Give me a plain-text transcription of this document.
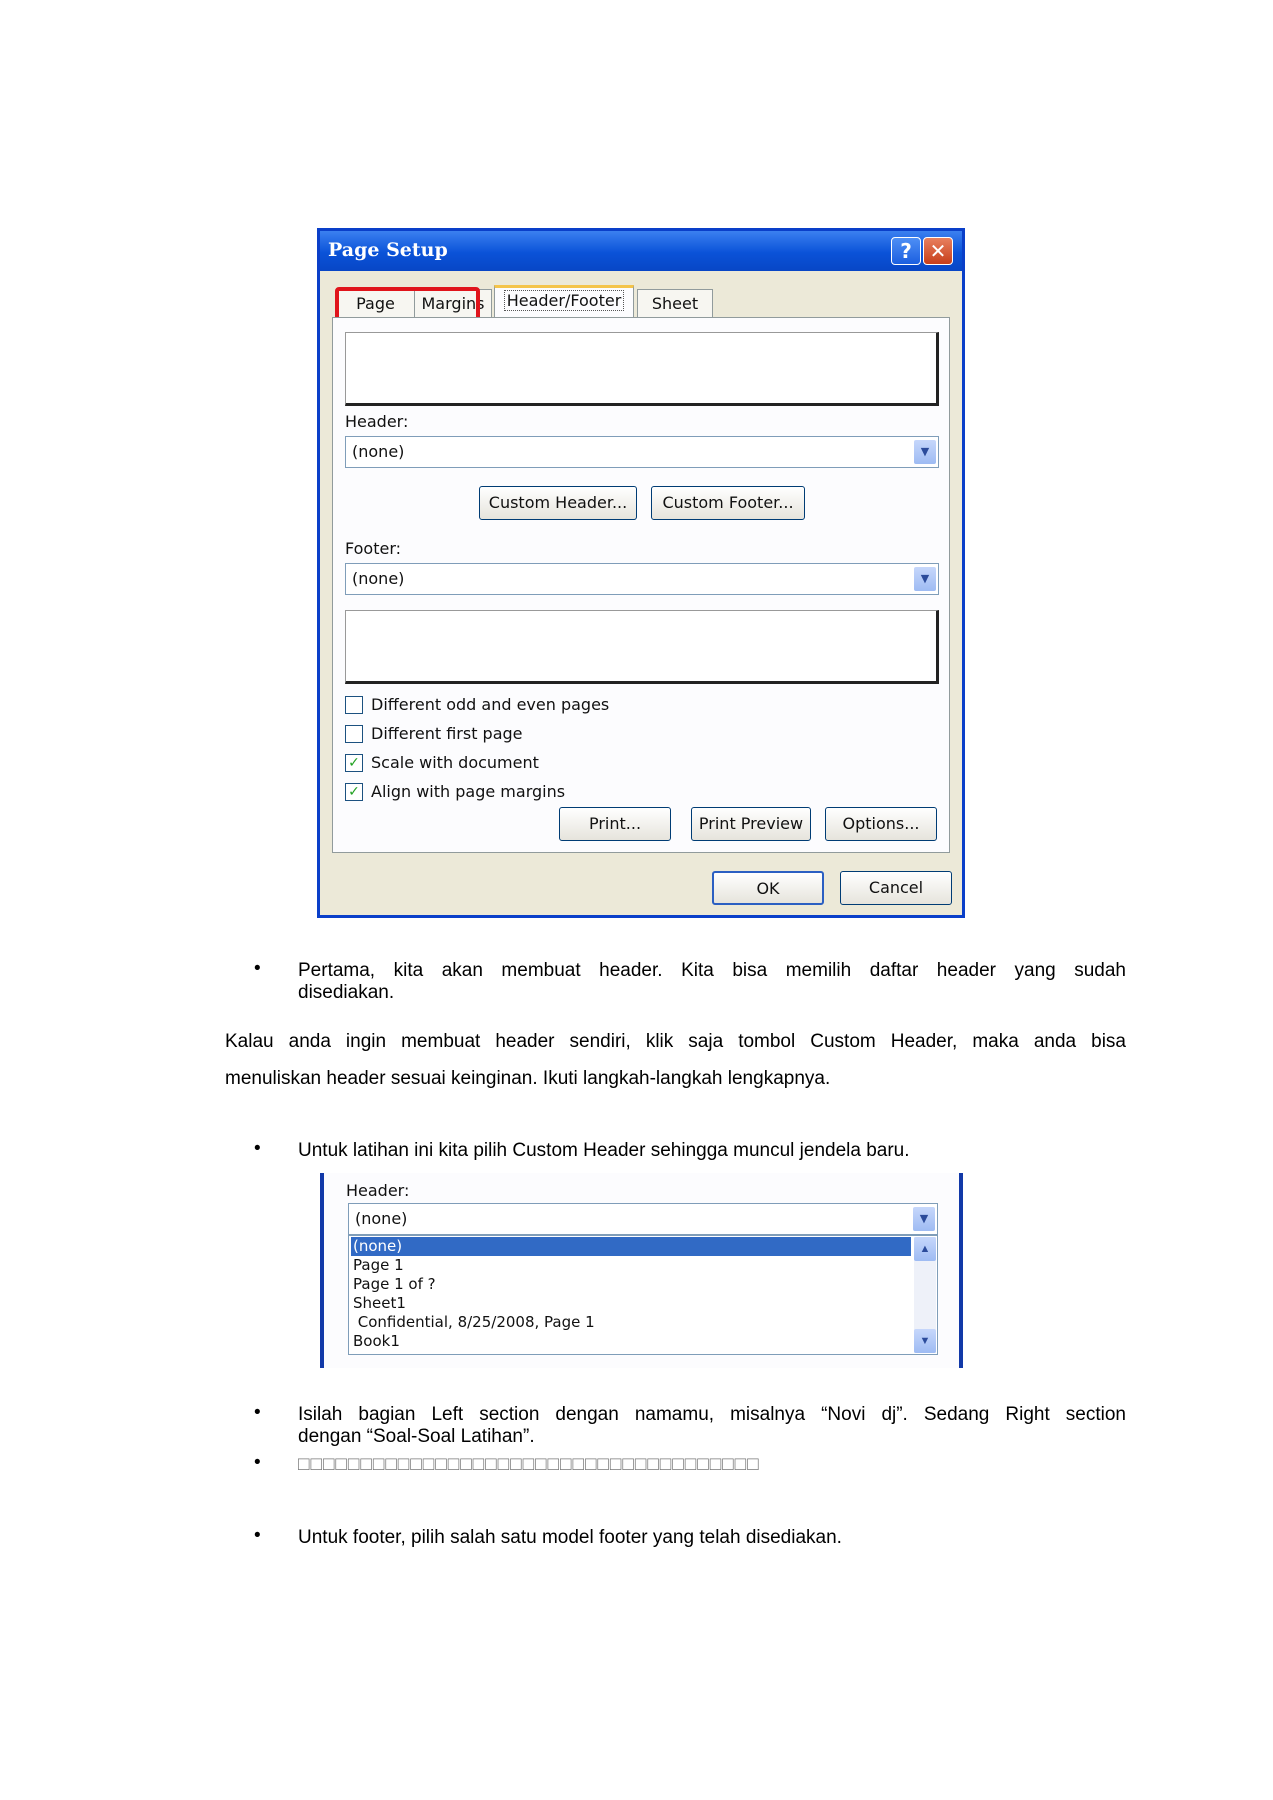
Page Setup	? ✕
Page	Margins	Header/Footer	Sheet
Header:
(none)	▼
Custom Header...	Custom Footer...
Footer:
(none)	▼
Different odd and even pages
Different first page
✓ Scale with document
✓ Align with page margins
Print...	Print Preview	Options...
OK	Cancel
• Pertama, kita akan membuat header. Kita bisa memilih daftar header yang sudah
disediakan.
Kalau anda ingin membuat header sendiri, klik saja tombol Custom Header, maka anda bisa
menuliskan header sesuai keinginan. Ikuti langkah-langkah lengkapnya.
• Untuk latihan ini kita pilih Custom Header sehingga muncul jendela baru.
Header:
(none)	▼
(none)
Page 1
Page 1 of ?
Sheet1
Confidential, 8/25/2008, Page 1
Book1
▲
▼
• Isilah bagian Left section dengan namamu, misalnya “Novi dj”. Sedang Right section
dengan “Soal-Soal Latihan”.
• □□□□□□□□□□□□□□□□□□□□□□□□□□□□□□□□□□□□□
• Untuk footer, pilih salah satu model footer yang telah disediakan.
